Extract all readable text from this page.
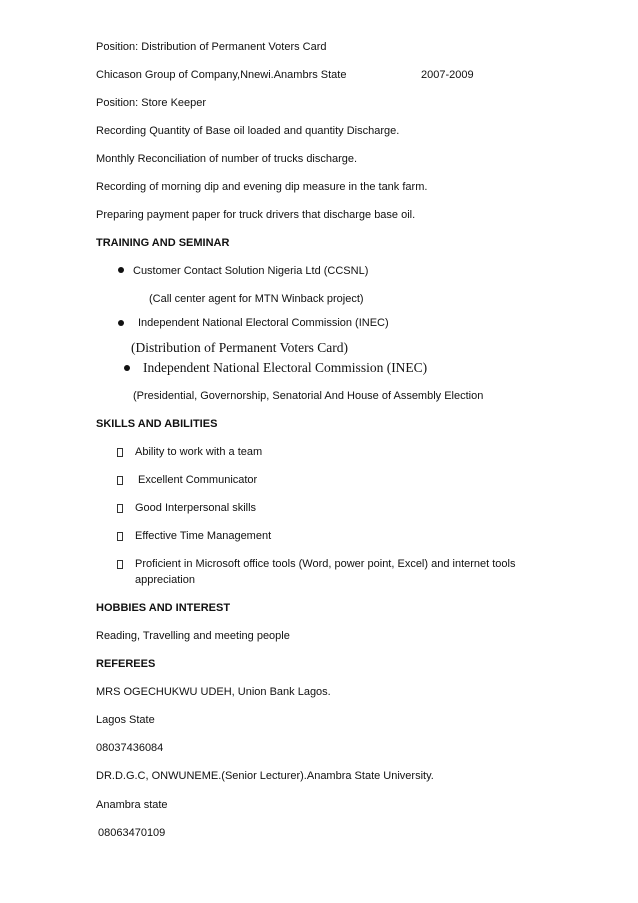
Position: Distribution of Permanent Voters Card
Chicason Group of Company,Nnewi.Anambrs State	2007-2009
Position: Store Keeper
Recording Quantity of Base oil loaded and quantity Discharge.
Monthly Reconciliation of number of trucks discharge.
Recording of morning dip and evening dip measure in the tank farm.
Preparing payment paper for truck drivers that discharge base oil.
TRAINING AND SEMINAR
Customer Contact Solution Nigeria Ltd (CCSNL)
(Call center agent for MTN Winback project)
Independent National Electoral Commission (INEC)
(Distribution of Permanent Voters Card)
Independent National Electoral Commission (INEC)
(Presidential, Governorship, Senatorial And House of Assembly Election
SKILLS AND ABILITIES
Ability to work with a team
Excellent Communicator
Good Interpersonal skills
Effective Time Management
Proficient in Microsoft office tools (Word, power point, Excel) and internet tools
appreciation
HOBBIES AND INTEREST
Reading, Travelling and meeting people
REFEREES
MRS OGECHUKWU UDEH, Union Bank Lagos.
Lagos State
08037436084
DR.D.G.C, ONWUNEME.(Senior Lecturer).Anambra State University.
Anambra state
08063470109
